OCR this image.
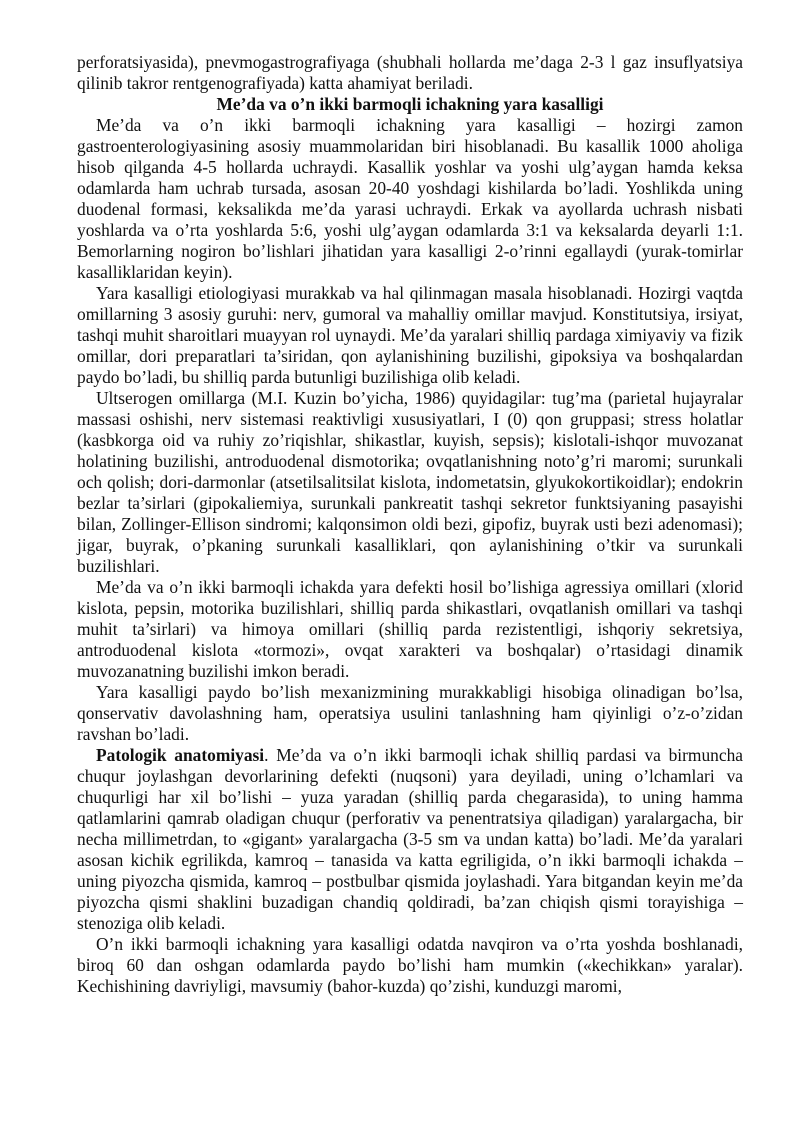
perforatsiyasida), pnevmogastrografiyaga (shubhali hollarda me’daga 2-3 l gaz insuflyatsiya qilinib takror rentgenografiyada) katta ahamiyat beriladi.

Me’da va o’n ikki barmoqli ichakning yara kasalligi

Me’da va o’n ikki barmoqli ichakning yara kasalligi – hozirgi zamon gastroenterologiyasining asosiy muammolaridan biri hisoblanadi. Bu kasallik 1000 aholiga hisob qilganda 4-5 hollarda uchraydi. Kasallik yoshlar va yoshi ulg’aygan hamda keksa odamlarda ham uchrab tursada, asosan 20-40 yoshdagi kishilarda bo’ladi. Yoshlikda uning duodenal formasi, keksalikda me’da yarasi uchraydi. Erkak va ayollarda uchrash nisbati yoshlarda va o’rta yoshlarda 5:6, yoshi ulg’aygan odamlarda 3:1 va keksalarda deyarli 1:1. Bemorlarning nogiron bo’lishlari jihatidan yara kasalligi 2-o’rinni egallaydi (yurak-tomirlar kasalliklaridan keyin).

Yara kasalligi etiologiyasi murakkab va hal qilinmagan masala hisoblanadi. Hozirgi vaqtda omillarning 3 asosiy guruhi: nerv, gumoral va mahalliy omillar mavjud. Konstitutsiya, irsiyat, tashqi muhit sharoitlari muayyan rol uynaydi. Me’da yaralari shilliq pardaga ximiyaviy va fizik omillar, dori preparatlari ta’siridan, qon aylanishining buzilishi, gipoksiya va boshqalardan paydo bo’ladi, bu shilliq parda butunligi buzilishiga olib keladi.

Ultserogen omillarga (M.I. Kuzin bo’yicha, 1986) quyidagilar: tug’ma (parietal hujayralar massasi oshishi, nerv sistemasi reaktivligi xususiyatlari, I (0) qon gruppasi; stress holatlar (kasbkorga oid va ruhiy zo’riqishlar, shikastlar, kuyish, sepsis); kislotali-ishqor muvozanat holatining buzilishi, antroduodenal dismotorika; ovqatlanishning noto’g’ri maromi; surunkali och qolish; dori-darmonlar (atsetilsalitsilat kislota, indometatsin, glyukokortikoidlar); endokrin bezlar ta’sirlari (gipokaliemiya, surunkali pankreatit tashqi sekretor funktsiyaning pasayishi bilan, Zollinger-Ellison sindromi; kalqonsimon oldi bezi, gipofiz, buyrak usti bezi adenomasi); jigar, buyrak, o’pkaning surunkali kasalliklari, qon aylanishining o’tkir va surunkali buzilishlari.

Me’da va o’n ikki barmoqli ichakda yara defekti hosil bo’lishiga agressiya omillari (xlorid kislota, pepsin, motorika buzilishlari, shilliq parda shikastlari, ovqatlanish omillari va tashqi muhit ta’sirlari) va himoya omillari (shilliq parda rezistentligi, ishqoriy sekretsiya, antroduodenal kislota «tormozi», ovqat xarakteri va boshqalar) o’rtasidagi dinamik muvozanatning buzilishi imkon beradi.

Yara kasalligi paydo bo’lish mexanizmining murakkabligi hisobiga olinadigan bo’lsa, qonservativ davolashning ham, operatsiya usulini tanlashning ham qiyinligi o’z-o’zidan ravshan bo’ladi.

Patologik anatomiyasi. Me’da va o’n ikki barmoqli ichak shilliq pardasi va birmuncha chuqur joylashgan devorlarining defekti (nuqsoni) yara deyiladi, uning o’lchamlari va chuqurligi har xil bo’lishi – yuza yaradan (shilliq parda chegarasida), to uning hamma qatlamlarini qamrab oladigan chuqur (perforativ va penentratsiya qiladigan) yaralargacha, bir necha millimetrdan, to «gigant» yaralargacha (3-5 sm va undan katta) bo’ladi. Me’da yaralari asosan kichik egrilikda, kamroq – tanasida va katta egriligida, o’n ikki barmoqli ichakda – uning piyozcha qismida, kamroq – postbulbar qismida joylashadi. Yara bitgandan keyin me’da piyozcha qismi shaklini buzadigan chandiq qoldiradi, ba’zan chiqish qismi torayishiga – stenoziga olib keladi.

O’n ikki barmoqli ichakning yara kasalligi odatda navqiron va o’rta yoshda boshlanadi, biroq 60 dan oshgan odamlarda paydo bo’lishi ham mumkin («kechikkan» yaralar). Kechishining davriyligi, mavsumiy (bahor-kuzda) qo’zishi, kunduzgi maromi,
